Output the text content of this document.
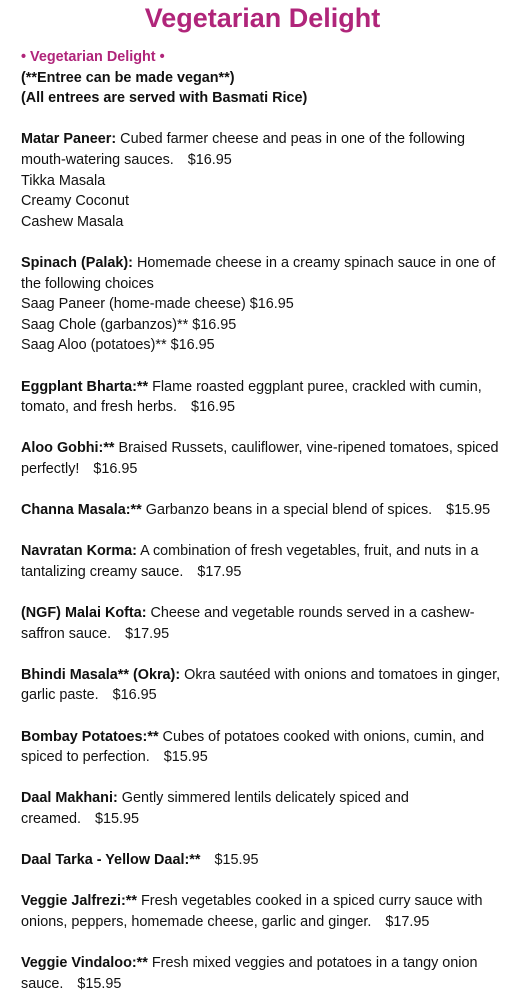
Vegetarian Delight
• Vegetarian Delight •
(**Entree can be made vegan**)
(All entrees are served with Basmati Rice)
Matar Paneer: Cubed farmer cheese and peas in one of the following mouth-watering sauces. $16.95
Tikka Masala
Creamy Coconut
Cashew Masala
Spinach (Palak): Homemade cheese in a creamy spinach sauce in one of the following choices
Saag Paneer (home-made cheese) $16.95
Saag Chole (garbanzos)** $16.95
Saag Aloo (potatoes)** $16.95
Eggplant Bharta:** Flame roasted eggplant puree, crackled with cumin, tomato, and fresh herbs. $16.95
Aloo Gobhi:** Braised Russets, cauliflower, vine-ripened tomatoes, spiced perfectly! $16.95
Channa Masala:** Garbanzo beans in a special blend of spices. $15.95
Navratan Korma: A combination of fresh vegetables, fruit, and nuts in a tantalizing creamy sauce. $17.95
(NGF) Malai Kofta: Cheese and vegetable rounds served in a cashew-saffron sauce. $17.95
Bhindi Masala** (Okra): Okra sautéed with onions and tomatoes in ginger, garlic paste. $16.95
Bombay Potatoes:** Cubes of potatoes cooked with onions, cumin, and spiced to perfection. $15.95
Daal Makhani: Gently simmered lentils delicately spiced and creamed. $15.95
Daal Tarka - Yellow Daal:** $15.95
Veggie Jalfrezi:** Fresh vegetables cooked in a spiced curry sauce with onions, peppers, homemade cheese, garlic and ginger. $17.95
Veggie Vindaloo:** Fresh mixed veggies and potatoes in a tangy onion sauce. $15.95
